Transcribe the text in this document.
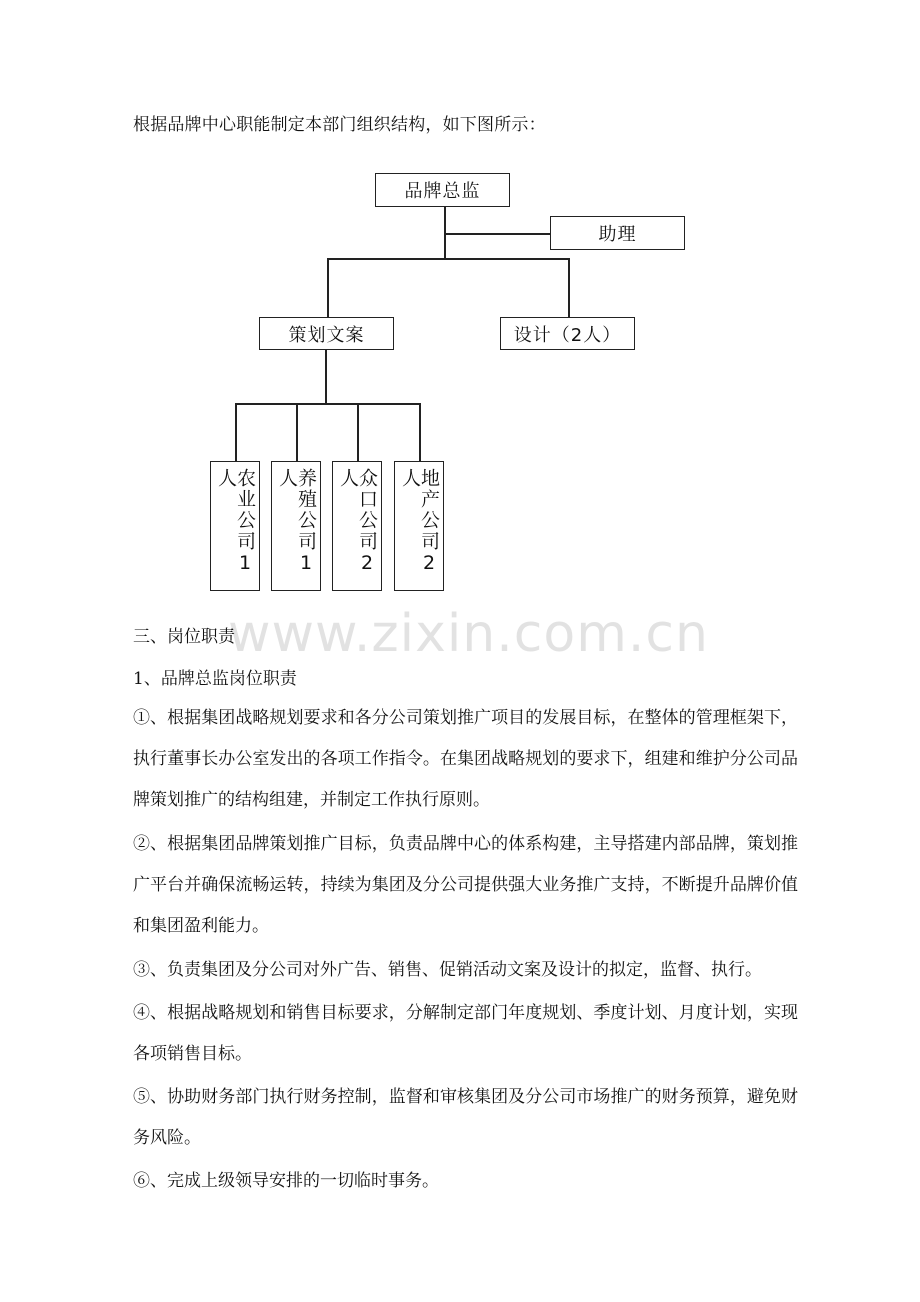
根据品牌中心职能制定本部门组织结构，如下图所示：
品牌总监
助理
策划文案	设计（2人）
农业公司1人	养殖公司1人	众口公司2人	地产公司2人
www.zixin.com.cn
三、岗位职责
1、品牌总监岗位职责
①、根据集团战略规划要求和各分公司策划推广项目的发展目标，在整体的管理框架下，执行董事长办公室发出的各项工作指令。在集团战略规划的要求下，组建和维护分公司品牌策划推广的结构组建，并制定工作执行原则。
②、根据集团品牌策划推广目标，负责品牌中心的体系构建，主导搭建内部品牌，策划推广平台并确保流畅运转，持续为集团及分公司提供强大业务推广支持，不断提升品牌价值和集团盈利能力。
③、负责集团及分公司对外广告、销售、促销活动文案及设计的拟定，监督、执行。
④、根据战略规划和销售目标要求，分解制定部门年度规划、季度计划、月度计划，实现各项销售目标。
⑤、协助财务部门执行财务控制，监督和审核集团及分公司市场推广的财务预算，避免财务风险。
⑥、完成上级领导安排的一切临时事务。
